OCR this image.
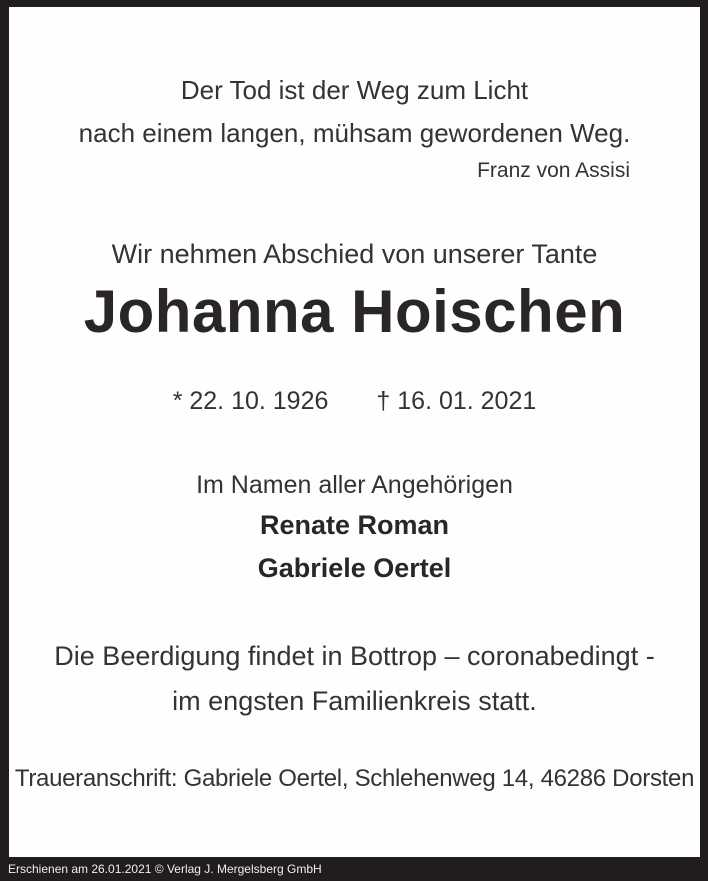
Der Tod ist der Weg zum Licht
nach einem langen, mühsam gewordenen Weg.
Franz von Assisi
Wir nehmen Abschied von unserer Tante
Johanna Hoischen
* 22. 10. 1926 † 16. 01. 2021
Im Namen aller Angehörigen
Renate Roman
Gabriele Oertel
Die Beerdigung findet in Bottrop – coronabedingt -
im engsten Familienkreis statt.
Traueranschrift: Gabriele Oertel, Schlehenweg 14, 46286 Dorsten
Erschienen am 26.01.2021 © Verlag J. Mergelsberg GmbH
